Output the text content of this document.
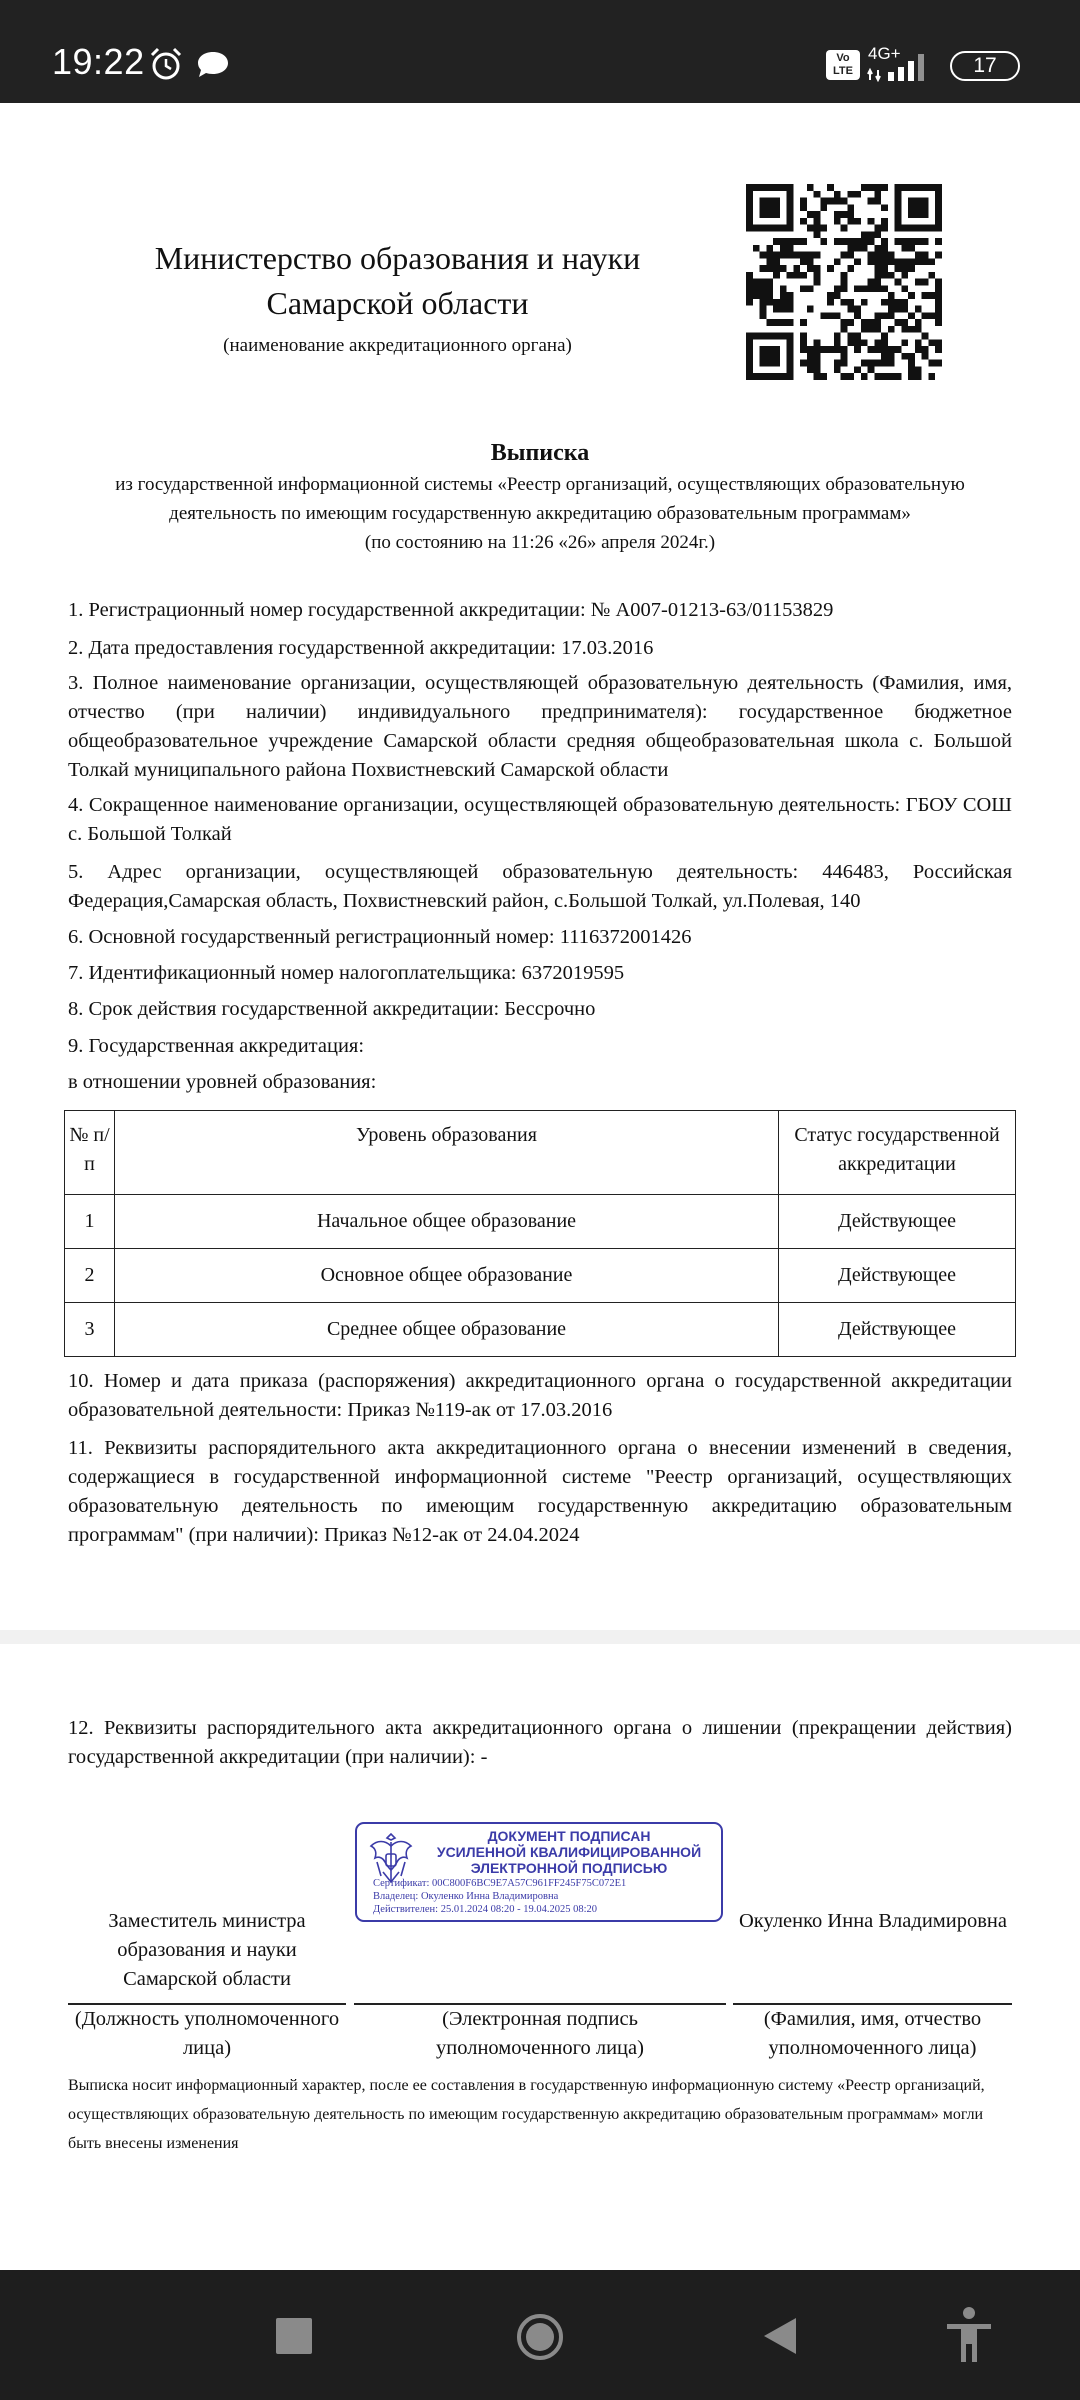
19:22	Vo
LTE
4G+
17
Министерство образования и науки Самарской области
(наименование аккредитационного органа)
Выписка
из государственной информационной системы «Реестр организаций, осуществляющих образовательную
деятельность по имеющим государственную аккредитацию образовательным программам»
(по состоянию на 11:26 «26» апреля 2024г.)
1. Регистрационный номер государственной аккредитации: № А007-01213-63/01153829
2. Дата предоставления государственной аккредитации: 17.03.2016
3. Полное наименование организации, осуществляющей образовательную деятельность (Фамилия, имя, отчество (при наличии) индивидуального предпринимателя): государственное бюджетное общеобразовательное учреждение Самарской области средняя общеобразовательная школа с. Большой Толкай муниципального района Похвистневский Самарской области
4. Сокращенное наименование организации, осуществляющей образовательную деятельность: ГБОУ СОШ с. Большой Толкай
5. Адрес организации, осуществляющей образовательную деятельность: 446483, Российская Федерация,Самарская область, Похвистневский район, с.Большой Толкай, ул.Полевая, 140
6. Основной государственный регистрационный номер: 1116372001426
7. Идентификационный номер налогоплательщика: 6372019595
8. Срок действия государственной аккредитации: Бессрочно
9. Государственная аккредитация:
в отношении уровней образования:
№ п/п	Уровень образования	Статус государственной аккредитации
1	Начальное общее образование	Действующее
2	Основное общее образование	Действующее
3	Среднее общее образование	Действующее
10. Номер и дата приказа (распоряжения) аккредитационного органа о государственной аккредитации образовательной деятельности: Приказ №119-ак от 17.03.2016
11. Реквизиты распорядительного акта аккредитационного органа о внесении изменений в сведения, содержащиеся в государственной информационной системе "Реестр организаций, осуществляющих образовательную деятельность по имеющим государственную аккредитацию образовательным программам" (при наличии): Приказ №12-ак от 24.04.2024
12. Реквизиты распорядительного акта аккредитационного органа о лишении (прекращении действия) государственной аккредитации (при наличии): -
ДОКУМЕНТ ПОДПИСАН
УСИЛЕННОЙ КВАЛИФИЦИРОВАННОЙ
ЭЛЕКТРОННОЙ ПОДПИСЬЮ
Сертификат: 00C800F6BC9E7A57C961FF245F75C072E1
Владелец: Окуленко Инна Владимировна
Действителен: 25.01.2024 08:20 - 19.04.2025 08:20
Заместитель министра образования и науки Самарской области
Окуленко Инна Владимировна
(Должность уполномоченного лица)
(Электронная подпись уполномоченного лица)
(Фамилия, имя, отчество уполномоченного лица)
Выписка носит информационный характер, после ее составления в государственную информационную систему «Реестр организаций, осуществляющих образовательную деятельность по имеющим государственную аккредитацию образовательным программам» могли быть внесены изменения
